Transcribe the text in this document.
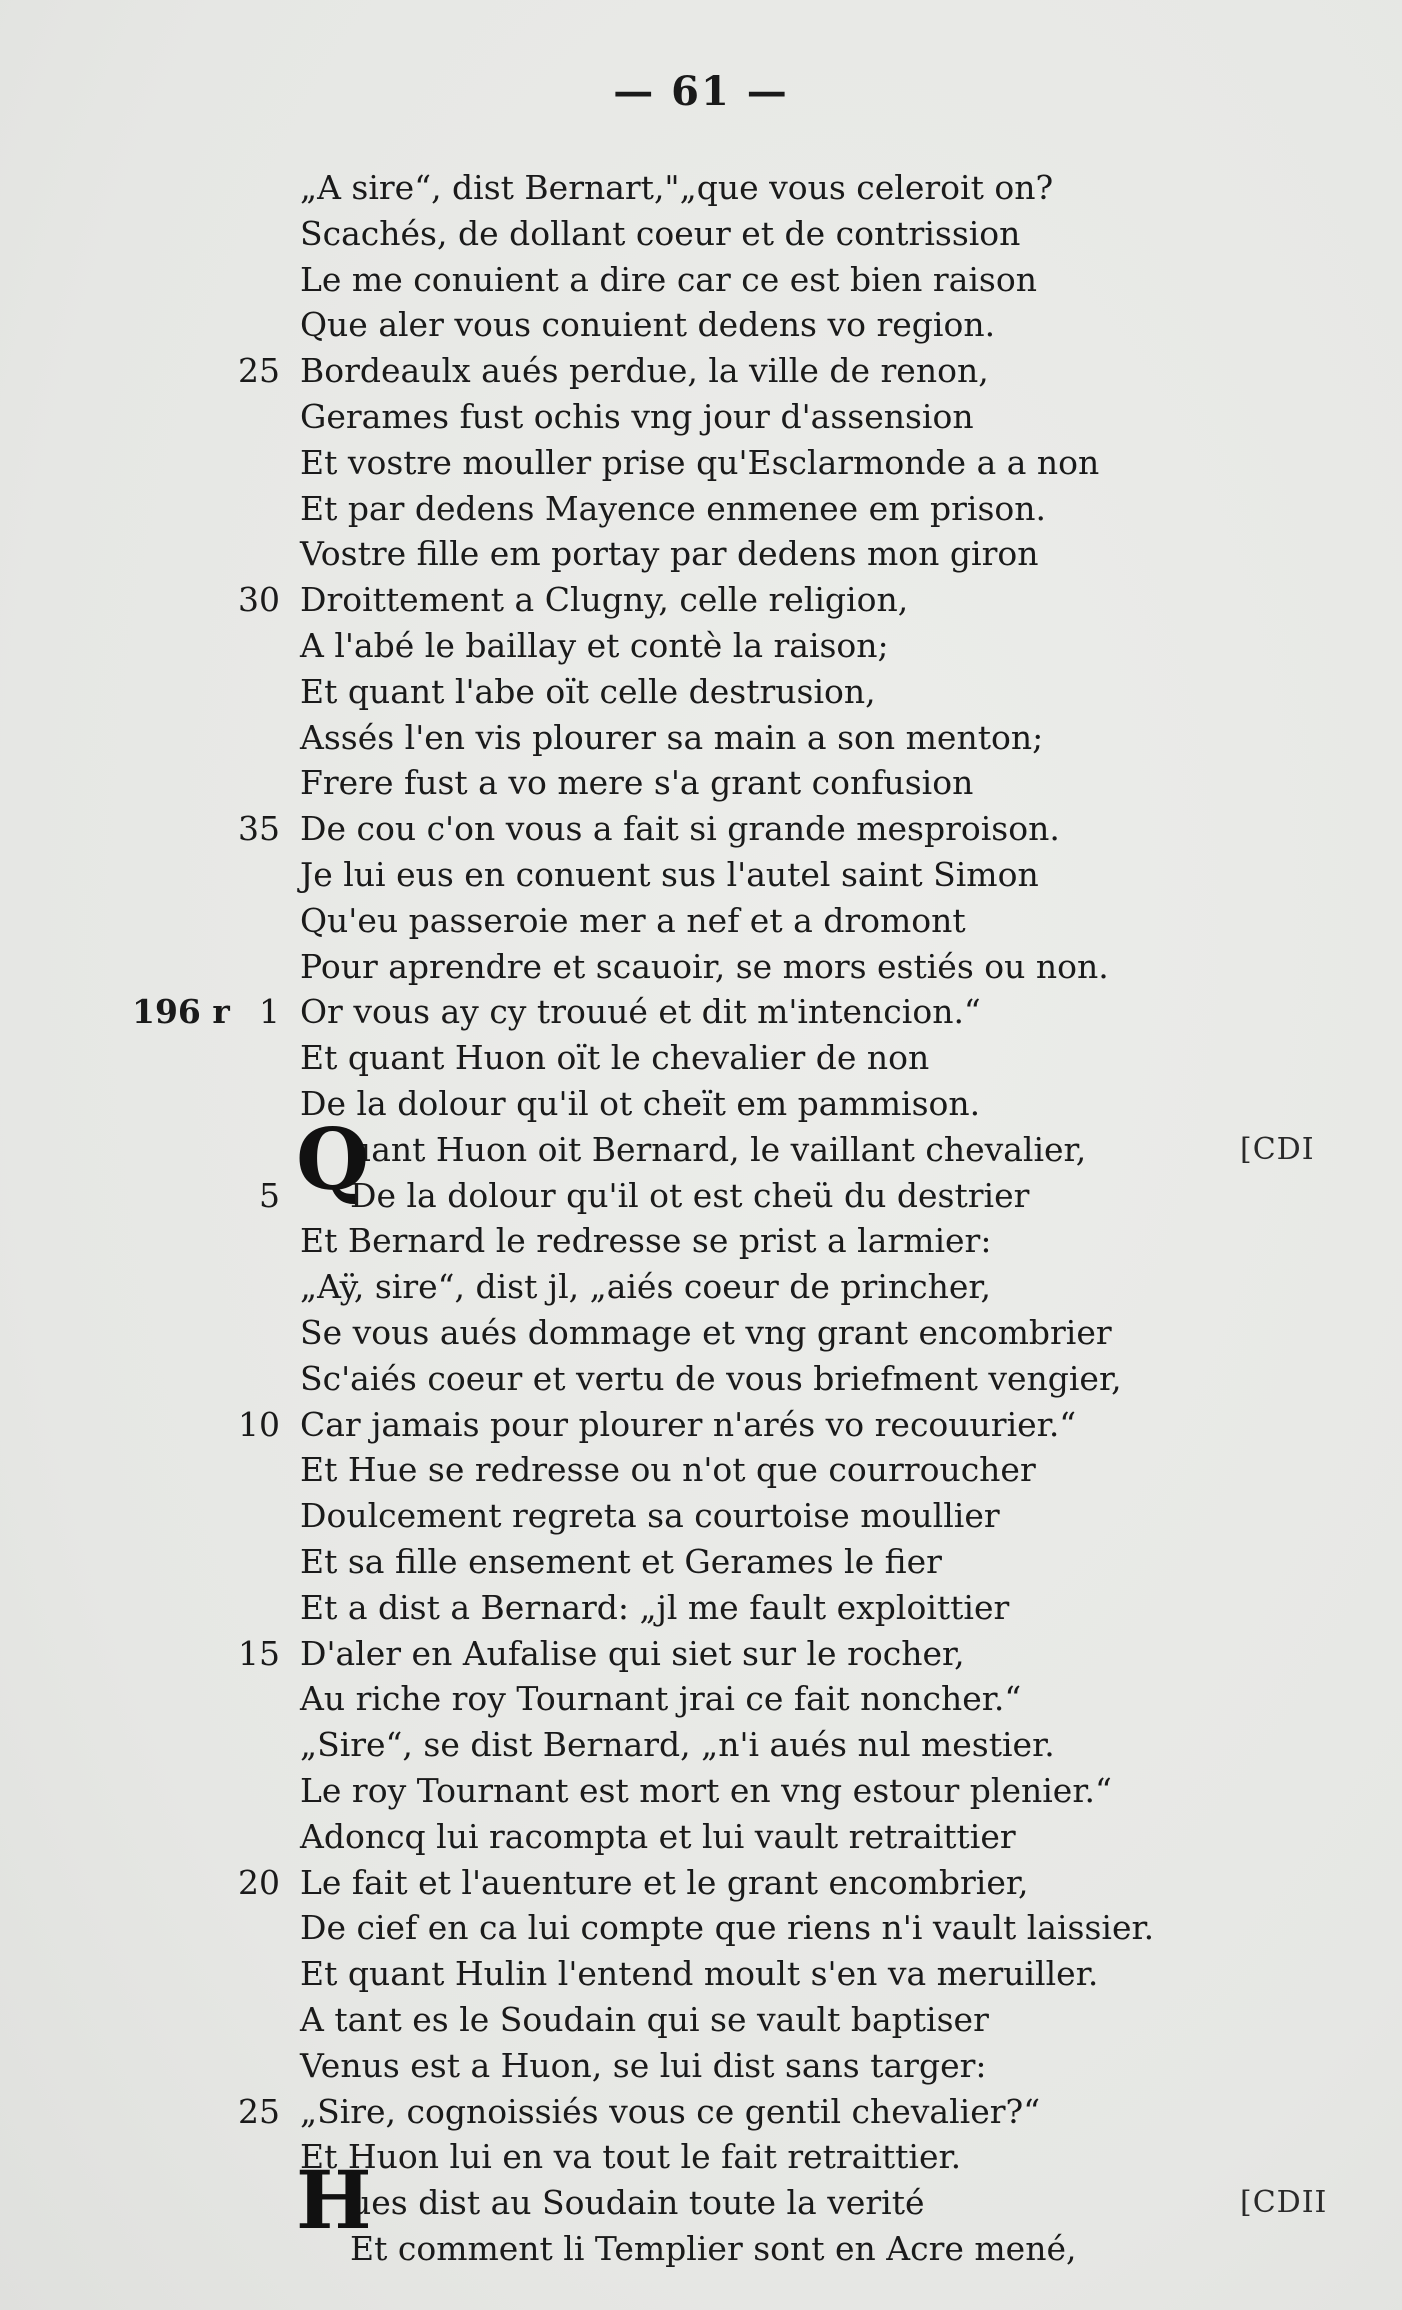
— 61 —
„A sire“, dist Bernart,"„que vous celeroit on?
Scachés, de dollant coeur et de contrission
Le me conuient a dire car ce est bien raison
Que aler vous conuient dedens vo region.
25 Bordeaulx aués perdue, la ville de renon,
Gerames fust ochis vng jour d'assension
Et vostre mouller prise qu'Esclarmonde a a non
Et par dedens Mayence enmenee em prison.
Vostre fille em portay par dedens mon giron
30 Droittement a Clugny, celle religion,
A l'abé le baillay et contè la raison;
Et quant l'abe oït celle destrusion,
Assés l'en vis plourer sa main a son menton;
Frere fust a vo mere s'a grant confusion
35 De cou c'on vous a fait si grande mesproison.
Je lui eus en conuent sus l'autel saint Simon
Qu'eu passeroie mer a nef et a dromont
Pour aprendre et scauoir, se mors estiés ou non.
196 r 1 Or vous ay cy trouué et dit m'intencion.“
Et quant Huon oït le chevalier de non
De la dolour qu'il ot cheït em pammison.
uant Huon oit Bernard, le vaillant chevalier,	[CDI
5 De la dolour qu'il ot est cheü du destrier
Et Bernard le redresse se prist a larmier:
„Aÿ, sire“, dist jl, „aiés coeur de princher,
Se vous aués dommage et vng grant encombrier
Sc'aiés coeur et vertu de vous briefment vengier,
10 Car jamais pour plourer n'arés vo recouurier.“
Et Hue se redresse ou n'ot que courroucher
Doulcement regreta sa courtoise moullier
Et sa fille ensement et Gerames le fier
Et a dist a Bernard: „jl me fault exploittier
15 D'aler en Aufalise qui siet sur le rocher,
Au riche roy Tournant jrai ce fait noncher.“
„Sire“, se dist Bernard, „n'i aués nul mestier.
Le roy Tournant est mort en vng estour plenier.“
Adoncq lui racompta et lui vault retraittier
20 Le fait et l'auenture et le grant encombrier,
De cief en ca lui compte que riens n'i vault laissier.
Et quant Hulin l'entend moult s'en va meruiller.
A tant es le Soudain qui se vault baptiser
Venus est a Huon, se lui dist sans targer:
25 „Sire, cognoissiés vous ce gentil chevalier?“
Et Huon lui en va tout le fait retraittier.
ues dist au Soudain toute la verité	[CDII
Et comment li Templier sont en Acre mené,
Q
H
